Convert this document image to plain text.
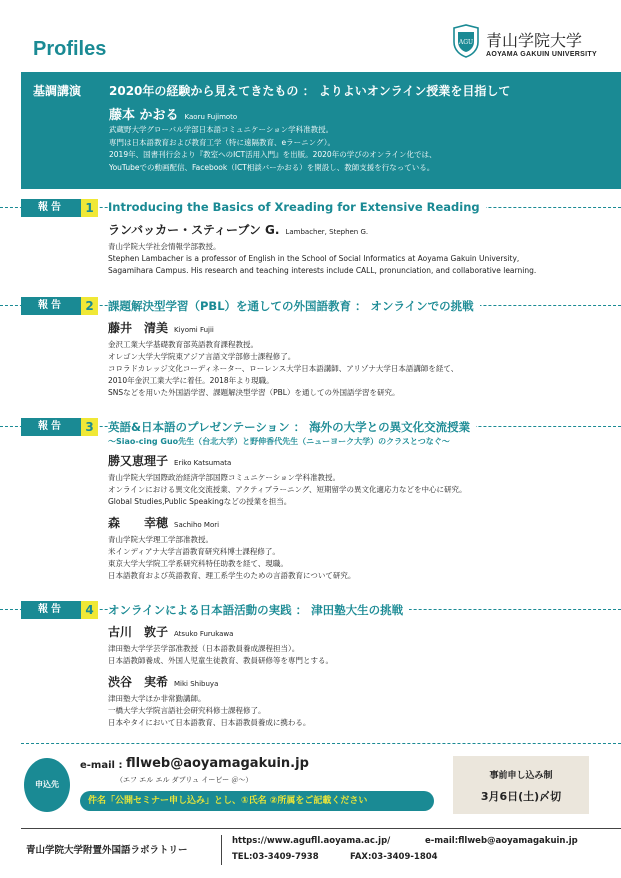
Profiles	AGU 青山学院大学
AOYAMA GAKUIN UNIVERSITY
基調講演 2020年の経験から見えてきたもの ： よりよいオンライン授業を目指して
藤本 かおる Kaoru Fujimoto
武蔵野大学グローバル学部日本語コミュニケーション学科准教授。
専門は日本語教育および教育工学（特に遠隔教育、eラーニング）。
2019年、国書刊行会より『教室へのICT活用入門』を出版。2020年の学びのオンライン化では、
YouTubeでの動画配信、Facebook（ICT相談バーかおる）を開設し、教師支援を行なっている。
報告	1	Introducing the Basics of Xreading for Extensive Reading
ランバッカー・スティーブン G. Lambacher, Stephen G.
青山学院大学社会情報学部教授。
Stephen Lambacher is a professor of English in the School of Social Informatics at Aoyama Gakuin University,
Sagamihara Campus. His research and teaching interests include CALL, pronunciation, and collaborative learning.
報告	2	課題解決型学習（PBL）を通しての外国語教育 ： オンラインでの挑戦
藤井　清美 Kiyomi Fujii
金沢工業大学基礎教育部英語教育課程教授。
オレゴン大学大学院東アジア言語文学部修士課程修了。
コロラドカレッジ文化コーディネーター、ローレンス大学日本語講師、アリゾナ大学日本語講師を経て、
2010年金沢工業大学に着任。2018年より現職。
SNSなどを用いた外国語学習、課題解決型学習（PBL）を通しての外国語学習を研究。
報告	3	英語&日本語のプレゼンテーション ： 海外の大学との異文化交流授業
～Siao-cing Guo先生（台北大学）と野伸香代先生（ニューヨーク大学）のクラスとつなぐ～
勝又恵理子 Eriko Katsumata
青山学院大学国際政治経済学部国際コミュニケーション学科准教授。
オンラインにおける異文化交流授業、アクティブラーニング、短期留学の異文化適応力などを中心に研究。
Global Studies,Public Speakingなどの授業を担当。
森　　幸穂 Sachiho Mori
青山学院大学理工学部准教授。
米インディアナ大学言語教育研究科博士課程修了。
東京大学大学院工学系研究科特任助教を経て、現職。
日本語教育および英語教育、理工系学生のための言語教育について研究。
報告	4	オンラインによる日本語活動の実践 ： 津田塾大生の挑戦
古川　敦子 Atsuko Furukawa
津田塾大学学芸学部准教授（日本語教員養成課程担当）。
日本語教師養成、外国人児童生徒教育、教員研修等を専門とする。
渋谷　実希 Miki Shibuya
津田塾大学ほか非常勤講師。
一橋大学大学院言語社会研究科修士課程修了。
日本やタイにおいて日本語教育、日本語教員養成に携わる。
申込先
e-mail : fllweb@aoyamagakuin.jp
（エフ エル エル ダブリュ イービー ＠～）
件名「公開セミナー申し込み」とし、①氏名 ②所属をご記載ください
事前申し込み制
3月6日(土)〆切
青山学院大学附置外国語ラボラトリー
https://www.agufll.aoyama.ac.jp/	e-mail:fllweb@aoyamagakuin.jp
TEL:03-3409-7938	FAX:03-3409-1804
